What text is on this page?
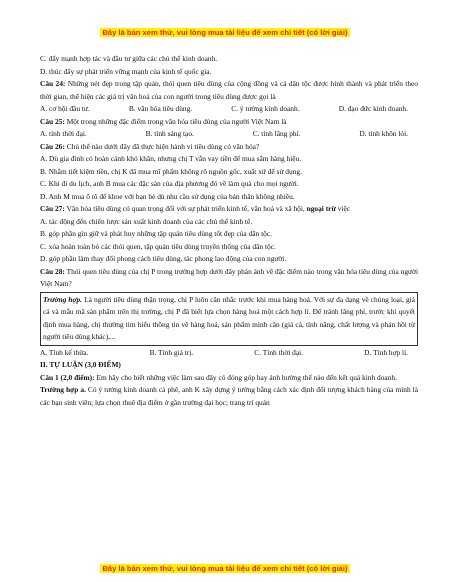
Đây là bản xem thử, vui lòng mua tài liệu để xem chi tiết (có lời giải)

C. đẩy mạnh hợp tác và đầu tư giữa các chủ thể kinh doanh.

D. thúc đẩy sự phát triển vững mạnh của kinh tế quốc gia.

Câu 24: Những nét đẹp trong tập quán, thói quen tiêu dùng của cộng đồng và cá dân tộc được hình thành và phát triển theo thời gian, thể hiện các giá trị văn hoá của con người trong tiêu dùng được gọi là

A. cơ hội đầu tư.	B. văn hóa tiêu dùng.	C. ý tưởng kinh doanh.	D. đạo đức kinh doanh.

Câu 25: Một trong những đặc điểm trong văn hóa tiêu dùng của người Việt Nam là

A. tính thời đại.	B. tính sáng tạo.	C. tính lãng phí.	D. tính khôn lỏi.

Câu 26: Chủ thể nào dưới đây đã thực hiện hành vi tiêu dùng có văn hóa?

A. Dù gia đình có hoàn cảnh khó khăn, nhưng chị T vẫn vay tiền để mua sắm hàng hiệu.

B. Nhằm tiết kiệm tiền, chị K đã mua mĩ phẩm không rõ nguồn gốc, xuất xứ để sử dụng.

C. Khi đi du lịch, anh B mua các đặc sản của địa phương đó về làm quà cho mọi người.

D. Anh M mua ô tô để khoe với bạn bè dù nhu cầu sử dụng của bản thân không nhiều.

Câu 27: Văn hóa tiêu dùng có quan trọng đối với sự phát triển kinh tế, văn hoá và xã hội, ngoại trừ việc

A. tác động đến chiến lược sản xuất kinh doanh của các chủ thể kinh tế.

B. góp phần gìn giữ và phát huy những tập quán tiêu dùng tốt đẹp của dân tộc.

C. xóa hoàn toàn bỏ các thói quen, tập quán tiêu dùng truyền thống của dân tộc.

D. góp phần làm thay đổi phong cách tiêu dùng, tác phong lao động của con người.

Câu 28: Thói quen tiêu dùng của chị P trong trường hợp dưới đây phản ánh về đặc điểm nào trong văn hóa tiêu dùng của người Việt Nam?

Trường hợp. Là người tiêu dùng thận trọng, chị P luôn cân nhắc trước khi mua hàng hoá. Với sự đa dạng về chủng loại, giá cả và mẫu mã sản phẩm trên thị trường, chị P đã biết lựa chọn hàng hoá một cách hợp lí. Để tránh lãng phí, trước khi quyết định mua hàng, chị thường tìm hiểu thông tin về hàng hoá, sản phẩm mình cần (giá cả, tính năng, chất lượng và phản hồi từ người tiêu dùng khác),...
A. Tính kế thừa.	B. Tính giá trị.	C. Tính thời đại.	D. Tính hợp lí.

II. TỰ LUẬN (3,0 ĐIỂM)

Câu 1 (2,0 điểm): Em hãy cho biết những việc làm sau đây có đóng góp hay ảnh hưởng thế nào đến kết quả kinh doanh.

Trường hợp a. Có ý tưởng kinh doanh cà phê, anh K xây dựng ý tưởng bằng cách xác định đối tượng khách hàng của mình là các bạn sinh viên; lựa chọn thuê địa điểm ở gần trường đại học; trang trí quán

Đây là bản xem thử, vui lòng mua tài liệu để xem chi tiết (có lời giải)
